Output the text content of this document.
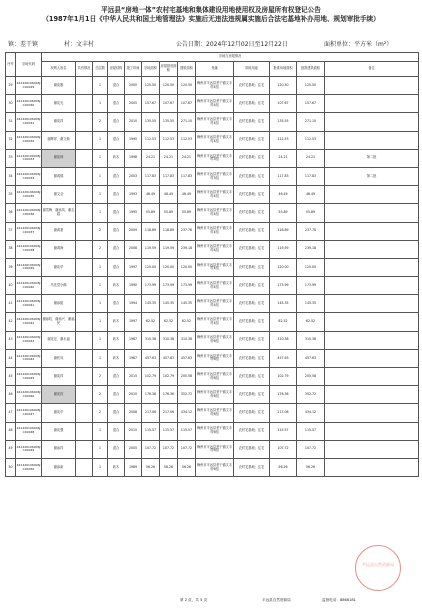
平远县“房地一体”农村宅基地和集体建设用地使用权及房屋所有权登记公告
（1987年1月1日《中华人民共和国土地管理法》实施后无违法违规属实施后合法宅基地补办用地、规划审批手续）
镇：差干镇	村：文丰村	公告日期：2024年12月02日至12月22日	面积单位：平方米（m²）
序号	宗地代码	宗地与房屋情况												
		权利人姓名	共有情况	总层数	房屋结构	竣工时间	宗地面积	房屋基底面积	建筑面积	坐落	用地用途	批准用地面积	批准建筑面积	备注
29	441426106006JC00029	谢宪刚		1	混合	2000	120.50	120.50	120.50	梅州市平远县差干镇文丰村4组	农村宅基地；住宅	120.50	120.50	
30	441426106006JC00030	谢宪光		1	混合	2005	107.67	107.67	107.67	梅州市平远县差干镇文丰村4组	农村宅基地；住宅	107.67	107.67	
31	441426106006JC00031	谢宪祥		2	混合	2010	135.55	135.55	271.10	梅州市平远县差干镇文丰村4组	农村宅基地；住宅	135.55	271.10	
32	441426106006JC00032	谢辉祥、谢文焕		1	混合	1995	112.53	112.53	112.53	梅州市平远县差干镇文丰村4组	农村宅基地；住宅	112.53	112.53	
33	441426106006JC00033	谢宪林		1	砖木	1998	24.21	24.21	24.21	梅州市平远县差干镇文丰村3组	农村宅基地；住宅	24.21	24.21	第二批
34	441426106006JC00034	谢鸿德		1	混合	2003	117.83	117.83	117.83	梅州市平远县差干镇文丰村3组	农村宅基地；住宅	117.83	117.83	第二批
35	441426106006JC00035	谢文全		1	混合	1993	46.49	46.49	46.49	梅州市平远县差干镇文丰村4组	农村宅基地；住宅	46.49	46.49	
36	441426106006JC00036	谢雪梅、谢添凤、谢志超		1	混合	1995	55.89	55.89	55.89	梅州市平远县差干镇文丰村4组	农村宅基地；住宅	55.89	55.89	
37	441426106006JC00037	谢鸿基		2	混合	2009	118.89	118.89	237.78	梅州市平远县差干镇文丰村4组	农村宅基地；住宅	118.89	237.78	
38	441426106006JC00038	谢鸿海		2	混合	2008	119.59	119.59	239.18	梅州市平远县差干镇文丰村4组	农村宅基地；住宅	119.59	239.18	
39	441426106006JC00039	谢宪华		1	混合	1997	120.00	120.00	120.00	梅州市平远县差干镇文丰村4组	农村宅基地；住宅	120.00	120.00	
40	441426106006JC00040	马先觉小佛		1	砖木	1990	173.99	173.99	173.99	梅州市平远县差干镇文丰村4组	农村宅基地；住宅	173.99	173.99	
41	441426106006JC00041	谢添振		1	混合	1994	145.35	145.35	145.35	梅州市平远县差干镇文丰村4组	农村宅基地；住宅	145.35	145.35	
42	441426106006JC00042	谢添权、谢添兴、谢福民		1	砖木	1997	62.52	62.52	62.52	梅州市平远县差干镇文丰村4组	农村宅基地；住宅	62.52	62.52	
43	441426106006JC00043	谢宪宏、谢永福		1	砖木	1987	310.38	310.38	310.38	梅州市平远县差干镇文丰村6组	农村宅基地；住宅	310.38	310.38	
44	441426106006JC00044	谢钦凤		1	砖木	1987	457.63	457.63	457.63	梅州市平远县差干镇文丰村6组	农村宅基地；住宅	457.63	457.63	
45	441426106006JC00045	谢宪祥		2	混合	2015	102.79	102.79	205.58	梅州市平远县差干镇文丰村6组	农村宅基地；住宅	102.79	205.58	
46	441426106006JC00046	谢宪钧		2	混合	2010	176.36	176.36	352.72	梅州市平远县差干镇文丰村6组	农村宅基地；住宅	176.36	352.72	
47	441426106006JC00047	谢宪华		2	混合	2008	217.06	217.06	434.12	梅州市平远县差干镇文丰村6组	农村宅基地；住宅	217.06	434.12	
48	441426106006JC00048	谢宪强		1	混合	2015	115.57	115.57	115.57	梅州市平远县差干镇文丰村6组	农村宅基地；住宅	115.57	115.57	
49	441426106006JC00049	谢添祥		1	混合	2005	107.72	107.72	107.72	梅州市平远县差干镇文丰村6组	农村宅基地；住宅	107.72	107.72	
50	441426106006JC00050	谢添新		1	砖木	1989	56.26	56.26	56.26	梅州市平远县差干镇文丰村6组	农村宅基地；住宅	56.26	56.26	
平远县自然资源局
第 2 页，共 5 页	平远县自然资源局	监督电话：8868181
